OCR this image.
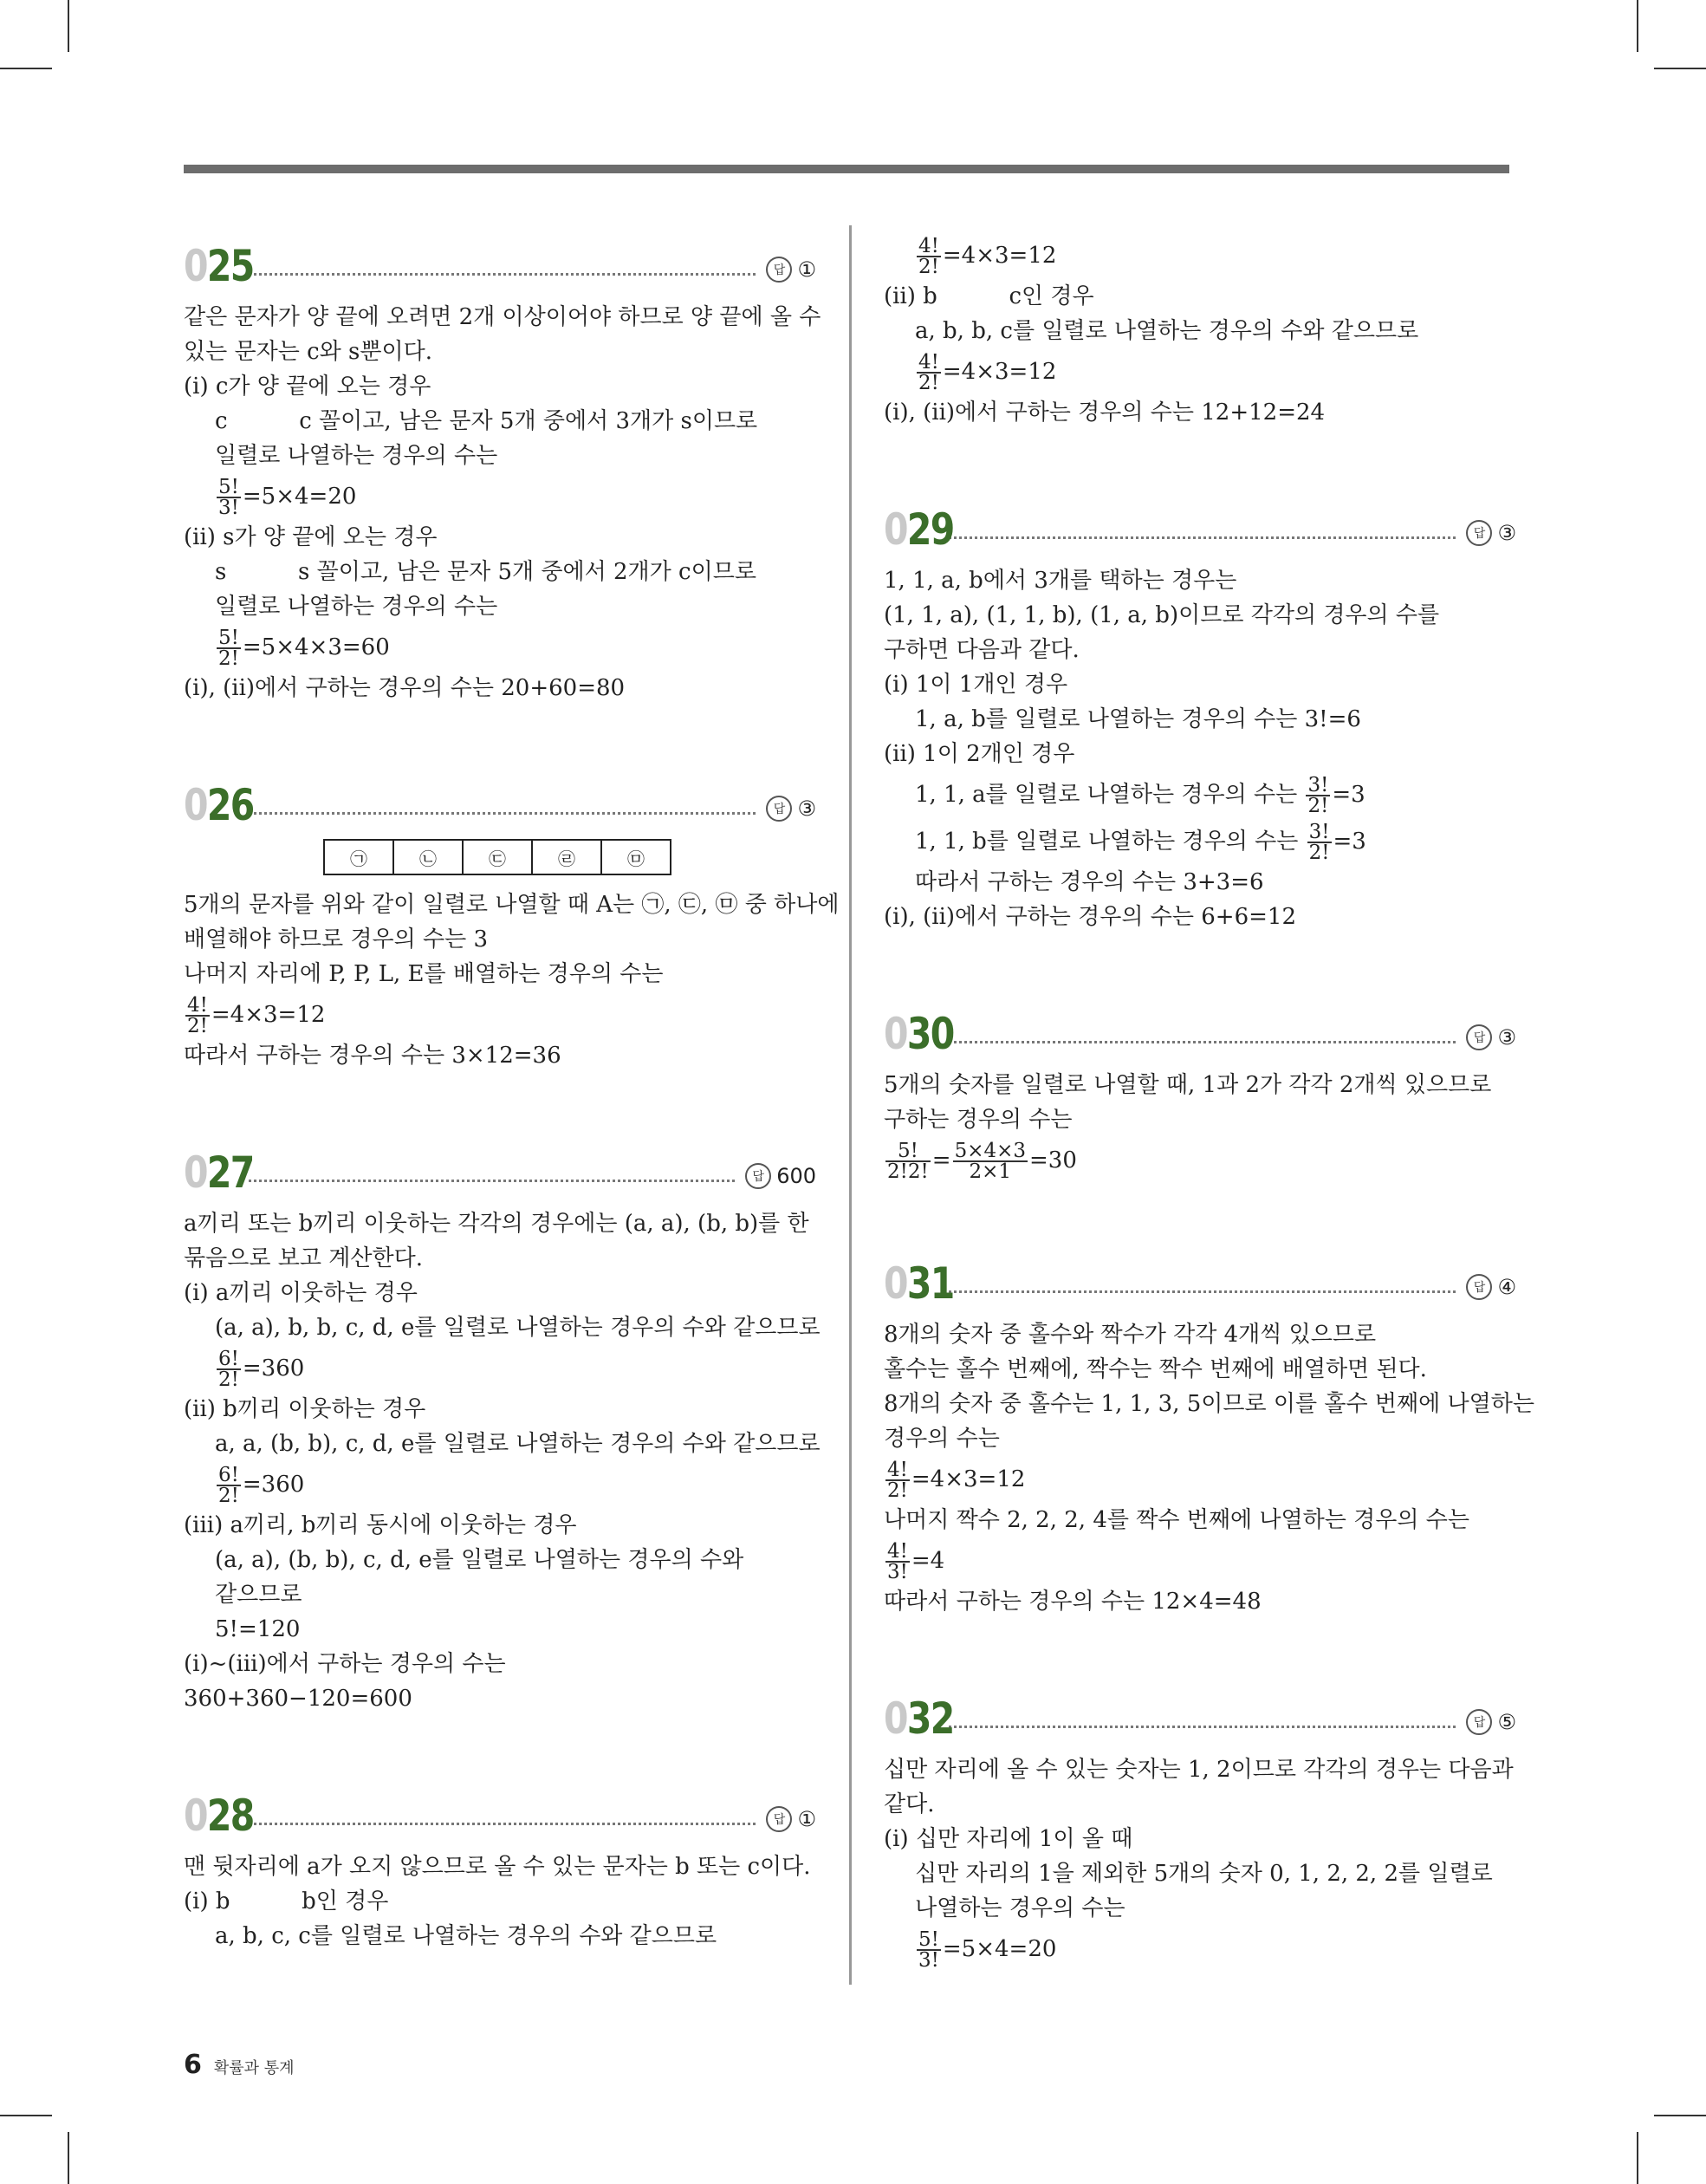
025	답 ①
같은 문자가 양 끝에 오려면 2개 이상이어야 하므로 양 끝에 올 수
있는 문자는 c와 s뿐이다.
(i) c가 양 끝에 오는 경우
c          c 꼴이고, 남은 문자 5개 중에서 3개가 s이므로
일렬로 나열하는 경우의 수는
$\frac{5!}{3!} =5\times 4=20$
(ii) s가 양 끝에 오는 경우
s          s 꼴이고, 남은 문자 5개 중에서 2개가 c이므로
일렬로 나열하는 경우의 수는
$\frac{5!}{2!} =5\times 4\times 3=60$
(i), (ii)에서 구하는 경우의 수는 20+60=80
026	답 ③
㉠	㉡	㉢	㉣	㉤
5개의 문자를 위와 같이 일렬로 나열할 때 A는 ㉠, ㉢, ㉤ 중 하나에
배열해야 하므로 경우의 수는 3
나머지 자리에 P, P, L, E를 배열하는 경우의 수는
$\frac{4!}{2!} =4\times 3=12$
따라서 구하는 경우의 수는 3×12=36
027	답 600
a끼리 또는 b끼리 이웃하는 각각의 경우에는 (a, a), (b, b)를 한
묶음으로 보고 계산한다.
(i) a끼리 이웃하는 경우
(a, a), b, b, c, d, e를 일렬로 나열하는 경우의 수와 같으므로
$\frac{6!}{2!} =360$
(ii) b끼리 이웃하는 경우
a, a, (b, b), c, d, e를 일렬로 나열하는 경우의 수와 같으므로
$\frac{6!}{2!} =360$
(iii) a끼리, b끼리 동시에 이웃하는 경우
(a, a), (b, b), c, d, e를 일렬로 나열하는 경우의 수와
같으므로
5!=120
(i)~(iii)에서 구하는 경우의 수는
360+360−120=600
028	답 ①
맨 뒷자리에 a가 오지 않으므로 올 수 있는 문자는 b 또는 c이다.
(i) b          b인 경우
a, b, c, c를 일렬로 나열하는 경우의 수와 같으므로
$\frac{4!}{2!} =4\times 3=12$
(ii) b          c인 경우
a, b, b, c를 일렬로 나열하는 경우의 수와 같으므로
$\frac{4!}{2!} =4\times 3=12$
(i), (ii)에서 구하는 경우의 수는 12+12=24
029	답 ③
1, 1, a, b에서 3개를 택하는 경우는
(1, 1, a), (1, 1, b), (1, a, b)이므로 각각의 경우의 수를
구하면 다음과 같다.
(i) 1이 1개인 경우
1, a, b를 일렬로 나열하는 경우의 수는 3!=6
(ii) 1이 2개인 경우
1, 1, a를 일렬로 나열하는 경우의 수는 $\frac{3!}{2!} =3$
1, 1, b를 일렬로 나열하는 경우의 수는 $\frac{3!}{2!} =3$
따라서 구하는 경우의 수는 3+3=6
(i), (ii)에서 구하는 경우의 수는 6+6=12
030	답 ③
5개의 숫자를 일렬로 나열할 때, 1과 2가 각각 2개씩 있으므로
구하는 경우의 수는
$\frac{5!}{2!2!} = \frac{5\times 4\times 3}{2\times 1} =30$
031	답 ④
8개의 숫자 중 홀수와 짝수가 각각 4개씩 있으므로
홀수는 홀수 번째에, 짝수는 짝수 번째에 배열하면 된다.
8개의 숫자 중 홀수는 1, 1, 3, 5이므로 이를 홀수 번째에 나열하는
경우의 수는
$\frac{4!}{2!} =4\times 3=12$
나머지 짝수 2, 2, 2, 4를 짝수 번째에 나열하는 경우의 수는
$\frac{4!}{3!} =4$
따라서 구하는 경우의 수는 12×4=48
032	답 ⑤
십만 자리에 올 수 있는 숫자는 1, 2이므로 각각의 경우는 다음과
같다.
(i) 십만 자리에 1이 올 때
십만 자리의 1을 제외한 5개의 숫자 0, 1, 2, 2, 2를 일렬로
나열하는 경우의 수는
$\frac{5!}{3!} =5\times 4=20$
6 확률과 통계
